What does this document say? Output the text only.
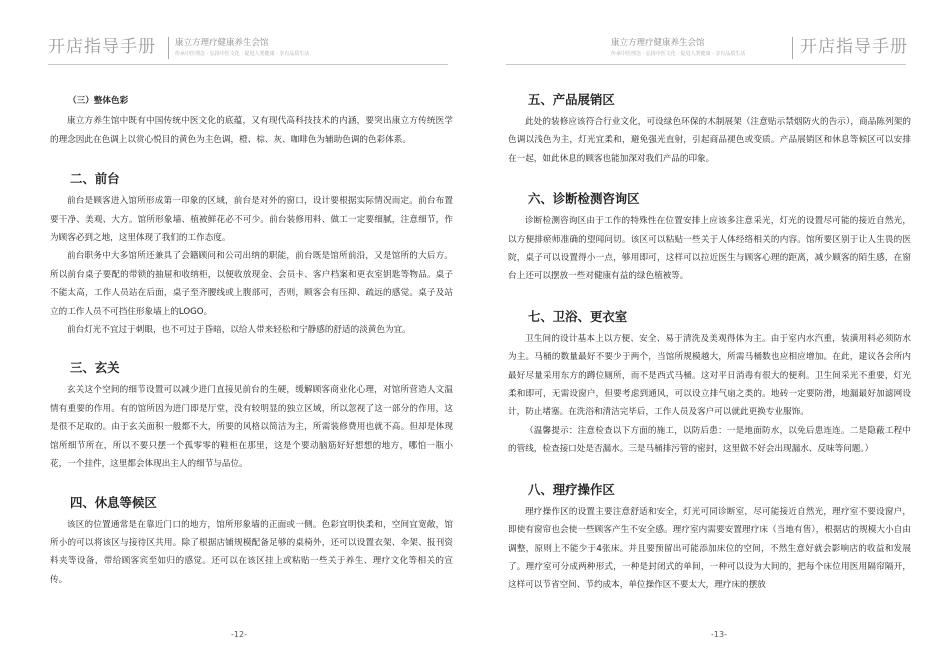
开店指导手册 康立方理疗健康养生会馆
传承中医理念 · 弘扬中医文化 · 促进人类健康 · 享有品质生活
康立方理疗健康养生会馆
传承中医理念 · 弘扬中医文化 · 促进人类健康 · 享有品质生活	开店指导手册
（三）整体色彩
康立方养生馆中既有中国传统中医文化的底蕴，又有现代高科技技术的内涵，要突出康立方传统医学的理念因此在色调上以赏心悦目的黄色为主色调，橙、棕、灰、咖啡色为辅助色调的色彩体系。
二、前台
前台是顾客进入馆所形成第一印象的区域，前台是对外的窗口，设计要根据实际情况而定。前台布置要干净、美观、大方。馆所形象墙、植被鲜花必不可少。前台装修用料、做工一定要细腻，注意细节，作为顾客必到之地，这里体现了我们的工作态度。
前台职务中大多馆所还兼具了会籍顾问和公司出纳的职能，前台既是馆所前沿，又是馆所的大后方。所以前台桌子要配的带锁的抽屉和收纳柜，以便收放现金、会员卡、客户档案和更衣室钥匙等物品。桌子不能太高，工作人员站在后面，桌子至齐腰线或上腹部可，否则，顾客会有压抑、疏远的感觉。桌子及站立的工作人员不可挡住形象墙上的LOGO。
前台灯光不宜过于刺眼，也不可过于昏暗，以给人带来轻松和宁静感的舒适的淡黄色为宜。
三、玄关
玄关这个空间的细节设置可以减少进门直接见前台的生硬，缓解顾客商业化心理，对馆所营造人文温情有重要的作用。有的馆所因为进门即是厅堂，没有较明显的独立区域，所以忽视了这一部分的作用，这是很不足取的。由于玄关面积一般都不大，所要的风格以简洁为主，所需装修费用也就不高。但却是体现馆所细节所在，所以不要只摆一个孤零零的鞋柜在那里，这是个要动脑筋好好想想的地方，哪怕一瓶小花，一个挂件，这里都会体现出主人的细节与品位。
四、休息等候区
该区的位置通常是在靠近门口的地方，馆所形象墙的正面或一侧。色彩宜明快柔和，空间宜宽敞，馆所小的可以将该区与接待区共用。除了根据店铺规模配备足够的桌椅外，还可以设置衣架、伞架、报刊资料夹等设备，带给顾客宾至如归的感觉。还可以在该区挂上或粘贴一些关于养生、理疗文化等相关的宣传。
五、产品展销区
此处的装修应该符合行业文化，可设绿色环保的木制展架（注意贴示禁烟防火的告示），商品陈列架的色调以浅色为主，灯光宜柔和，避免强光直射，引起商品褪色或变质。产品展销区和休息等候区可以安排在一起，如此休息的顾客也能加深对我们产品的印象。
六、诊断检测咨询区
诊断检测咨询区由于工作的特殊性在位置安排上应该多注意采光，灯光的设置尽可能的接近自然光，以方便排瘀师准确的望闻问切。该区可以粘贴一些关于人体经络相关的内容。馆所要区别于让人生畏的医院，桌子可以设置得小一点，够用即可，这样可以拉近医生与顾客心理的距离，减少顾客的陌生感，在窗台上还可以摆放一些对健康有益的绿色植被等。
七、卫浴、更衣室
卫生间的设计基本上以方便、安全、易于清洗及美观得体为主。由于室内水汽重，装潢用料必须防水为主。马桶的数量最好不要少于两个，当馆所规模越大，所需马桶数也应相应增加。在此，建议各会所内最好尽量采用东方的蹲位厕所，而不是西式马桶。这对平日消毒有很大的便利。卫生间采光不重要，灯光柔和即可，无需设窗户，但要考虑到通风，可以设立排气扇之类的。地砖一定要防滑，地漏最好加滤网设计，防止堵塞。在洗浴和清洁完毕后，工作人员及客户可以就此更换专业服饰。
（温馨提示：注意检查以下方面的施工，以防后患：一是地面防水，以免后患连连。二是隐蔽工程中的管线，检查接口处是否漏水。三是马桶排污管的密封，这里做不好会出现漏水、反味等问题。）
八、理疗操作区
理疗操作区的设置主要注意舒适和安全，灯光可同诊断室，尽可能接近自然光，理疗室不要设窗户，即使有窗帘也会使一些顾客产生不安全感。理疗室内需要安置理疗床（当地有售），根据店的规模大小自由调整，原则上不能少于4张床。并且要预留出可能添加床位的空间，不然生意好就会影响店的收益和发展了。理疗室可分成两种形式，一种是封闭式的单间，一种可以设为大间的，把每个床位用医用隔帘隔开，这样可以节省空间、节约成本，单位操作区不要太大，理疗床的摆放
-12-	-13-
